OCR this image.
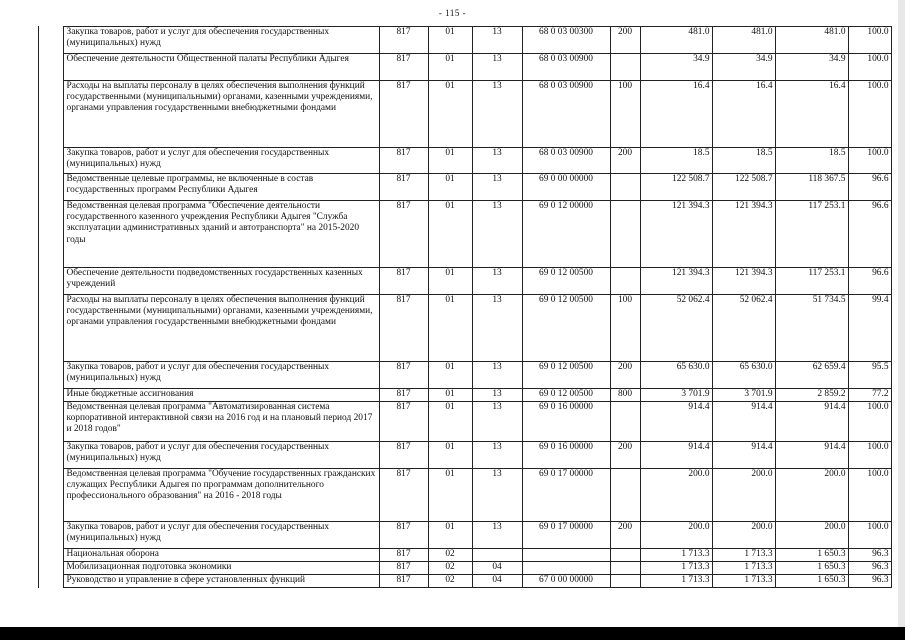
- 115 -
	Закупка товаров, работ и услуг для обеспечения государственных (муниципальных) нужд	817	01	13	68 0 03 00300	200	481.0	481.0	481.0	100.0
	Обеспечение деятельности Общественной палаты Республики Адыгея	817	01	13	68 0 03 00900		34.9	34.9	34.9	100.0
	Расходы на выплаты персоналу в целях обеспечения выполнения функций государственными (муниципальными) органами, казенными учреждениями, органами управления государственными внебюджетными фондами	817	01	13	68 0 03 00900	100	16.4	16.4	16.4	100.0
	Закупка товаров, работ и услуг для обеспечения государственных (муниципальных) нужд	817	01	13	68 0 03 00900	200	18.5	18.5	18.5	100.0
	Ведомственные целевые программы, не включенные в состав государственных программ Республики Адыгея	817	01	13	69 0 00 00000		122 508.7	122 508.7	118 367.5	96.6
	Ведомственная целевая программа "Обеспечение деятельности государственного казенного учреждения Республики Адыгея "Служба эксплуатации административных зданий и автотранспорта" на 2015-2020 годы	817	01	13	69 0 12 00000		121 394.3	121 394.3	117 253.1	96.6
	Обеспечение деятельности подведомственных государственных казенных учреждений	817	01	13	69 0 12 00500		121 394.3	121 394.3	117 253.1	96.6
	Расходы на выплаты персоналу в целях обеспечения выполнения функций государственными (муниципальными) органами, казенными учреждениями, органами управления государственными внебюджетными фондами	817	01	13	69 0 12 00500	100	52 062.4	52 062.4	51 734.5	99.4
	Закупка товаров, работ и услуг для обеспечения государственных (муниципальных) нужд	817	01	13	69 0 12 00500	200	65 630.0	65 630.0	62 659.4	95.5
	Иные бюджетные ассигнования	817	01	13	69 0 12 00500	800	3 701.9	3 701.9	2 859.2	77.2
	Ведомственная целевая программа "Автоматизированная система корпоративной интерактивной связи на 2016 год и на плановый период 2017 и 2018 годов"	817	01	13	69 0 16 00000		914.4	914.4	914.4	100.0
	Закупка товаров, работ и услуг для обеспечения государственных (муниципальных) нужд	817	01	13	69 0 16 00000	200	914.4	914.4	914.4	100.0
	Ведомственная целевая программа "Обучение государственных гражданских служащих Республики Адыгея по программам дополнительного профессионального образования" на 2016 - 2018 годы	817	01	13	69 0 17 00000		200.0	200.0	200.0	100.0
	Закупка товаров, работ и услуг для обеспечения государственных (муниципальных) нужд	817	01	13	69 0 17 00000	200	200.0	200.0	200.0	100.0
	Национальная оборона	817	02				1 713.3	1 713.3	1 650.3	96.3
	Мобилизационная подготовка экономики	817	02	04			1 713.3	1 713.3	1 650.3	96.3
	Руководство и управление в сфере установленных функций	817	02	04	67 0 00 00000		1 713.3	1 713.3	1 650.3	96.3
